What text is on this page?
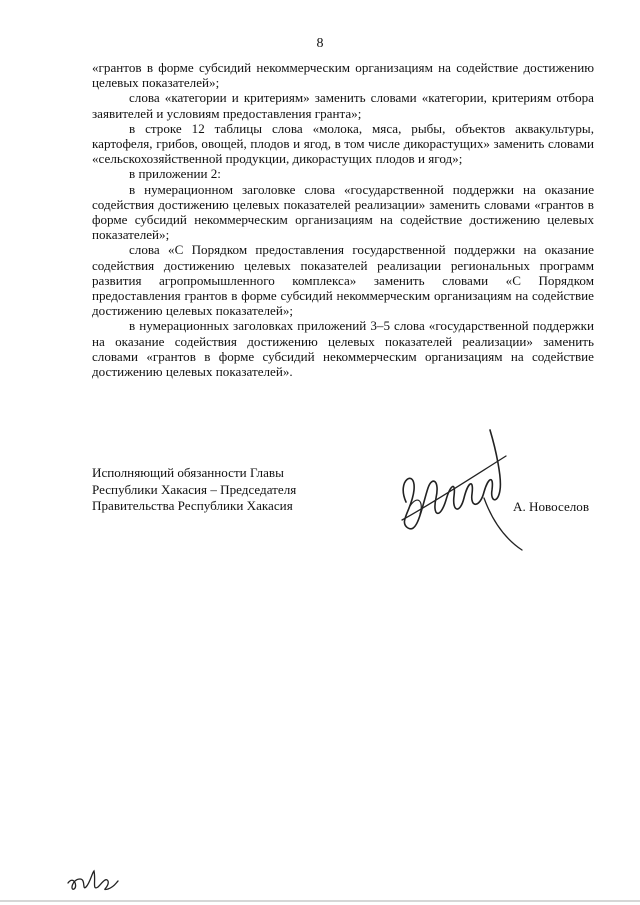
8

«грантов в форме субсидий некоммерческим организациям на содействие достижению целевых показателей»;

слова «категории и критериям» заменить словами «категории, критериям отбора заявителей и условиям предоставления гранта»;

в строке 12 таблицы слова «молока, мяса, рыбы, объектов аквакультуры, картофеля, грибов, овощей, плодов и ягод, в том числе дикорастущих» заменить словами «сельскохозяйственной продукции, дикорастущих плодов и ягод»;

в приложении 2:

в нумерационном заголовке слова «государственной поддержки на оказание содействия достижению целевых показателей реализации» заменить словами «грантов в форме субсидий некоммерческим организациям на содействие достижению целевых показателей»;

слова «С Порядком предоставления государственной поддержки на оказание содействия достижению целевых показателей реализации региональных программ развития агропромышленного комплекса» заменить словами «С Порядком предоставления грантов в форме субсидий некоммерческим организациям на содействие достижению целевых показателей»;

в нумерационных заголовках приложений 3–5 слова «государственной поддержки на оказание содействия достижению целевых показателей реализации» заменить словами «грантов в форме субсидий некоммерческим организациям на содействие достижению целевых показателей».

Исполняющий обязанности Главы
Республики Хакасия – Председателя
Правительства Республики Хакасия	А. Новоселов
